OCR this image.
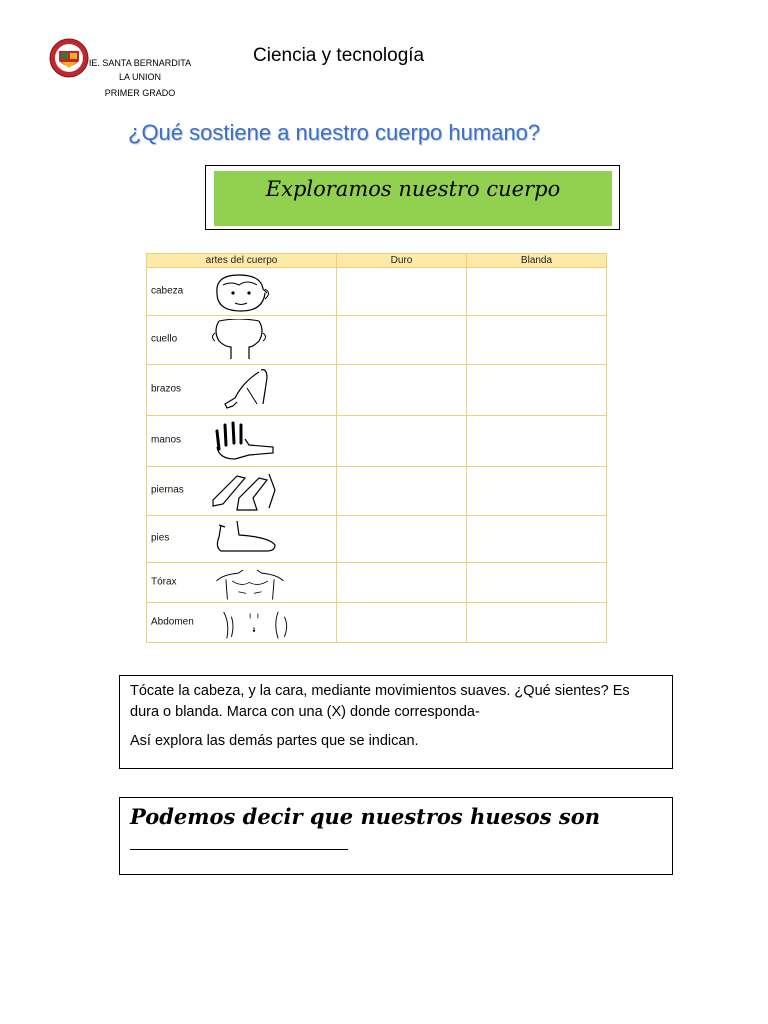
IE. SANTA BERNARDITA
LA UNION
PRIMER GRADO
Ciencia y tecnología
¿Qué sostiene a nuestro cuerpo humano?
Exploramos nuestro cuerpo
artes del cuerpo	Duro	Blanda

cabeza		

cuello		

brazos		

manos		

piernas		

pies		

Tórax		

Abdomen		

Tócate la cabeza, y la cara, mediante movimientos suaves. ¿Qué sientes? Es dura o blanda. Marca con una (X) donde corresponda-

Así explora las demás partes que se indican.

Podemos decir que nuestros huesos son
